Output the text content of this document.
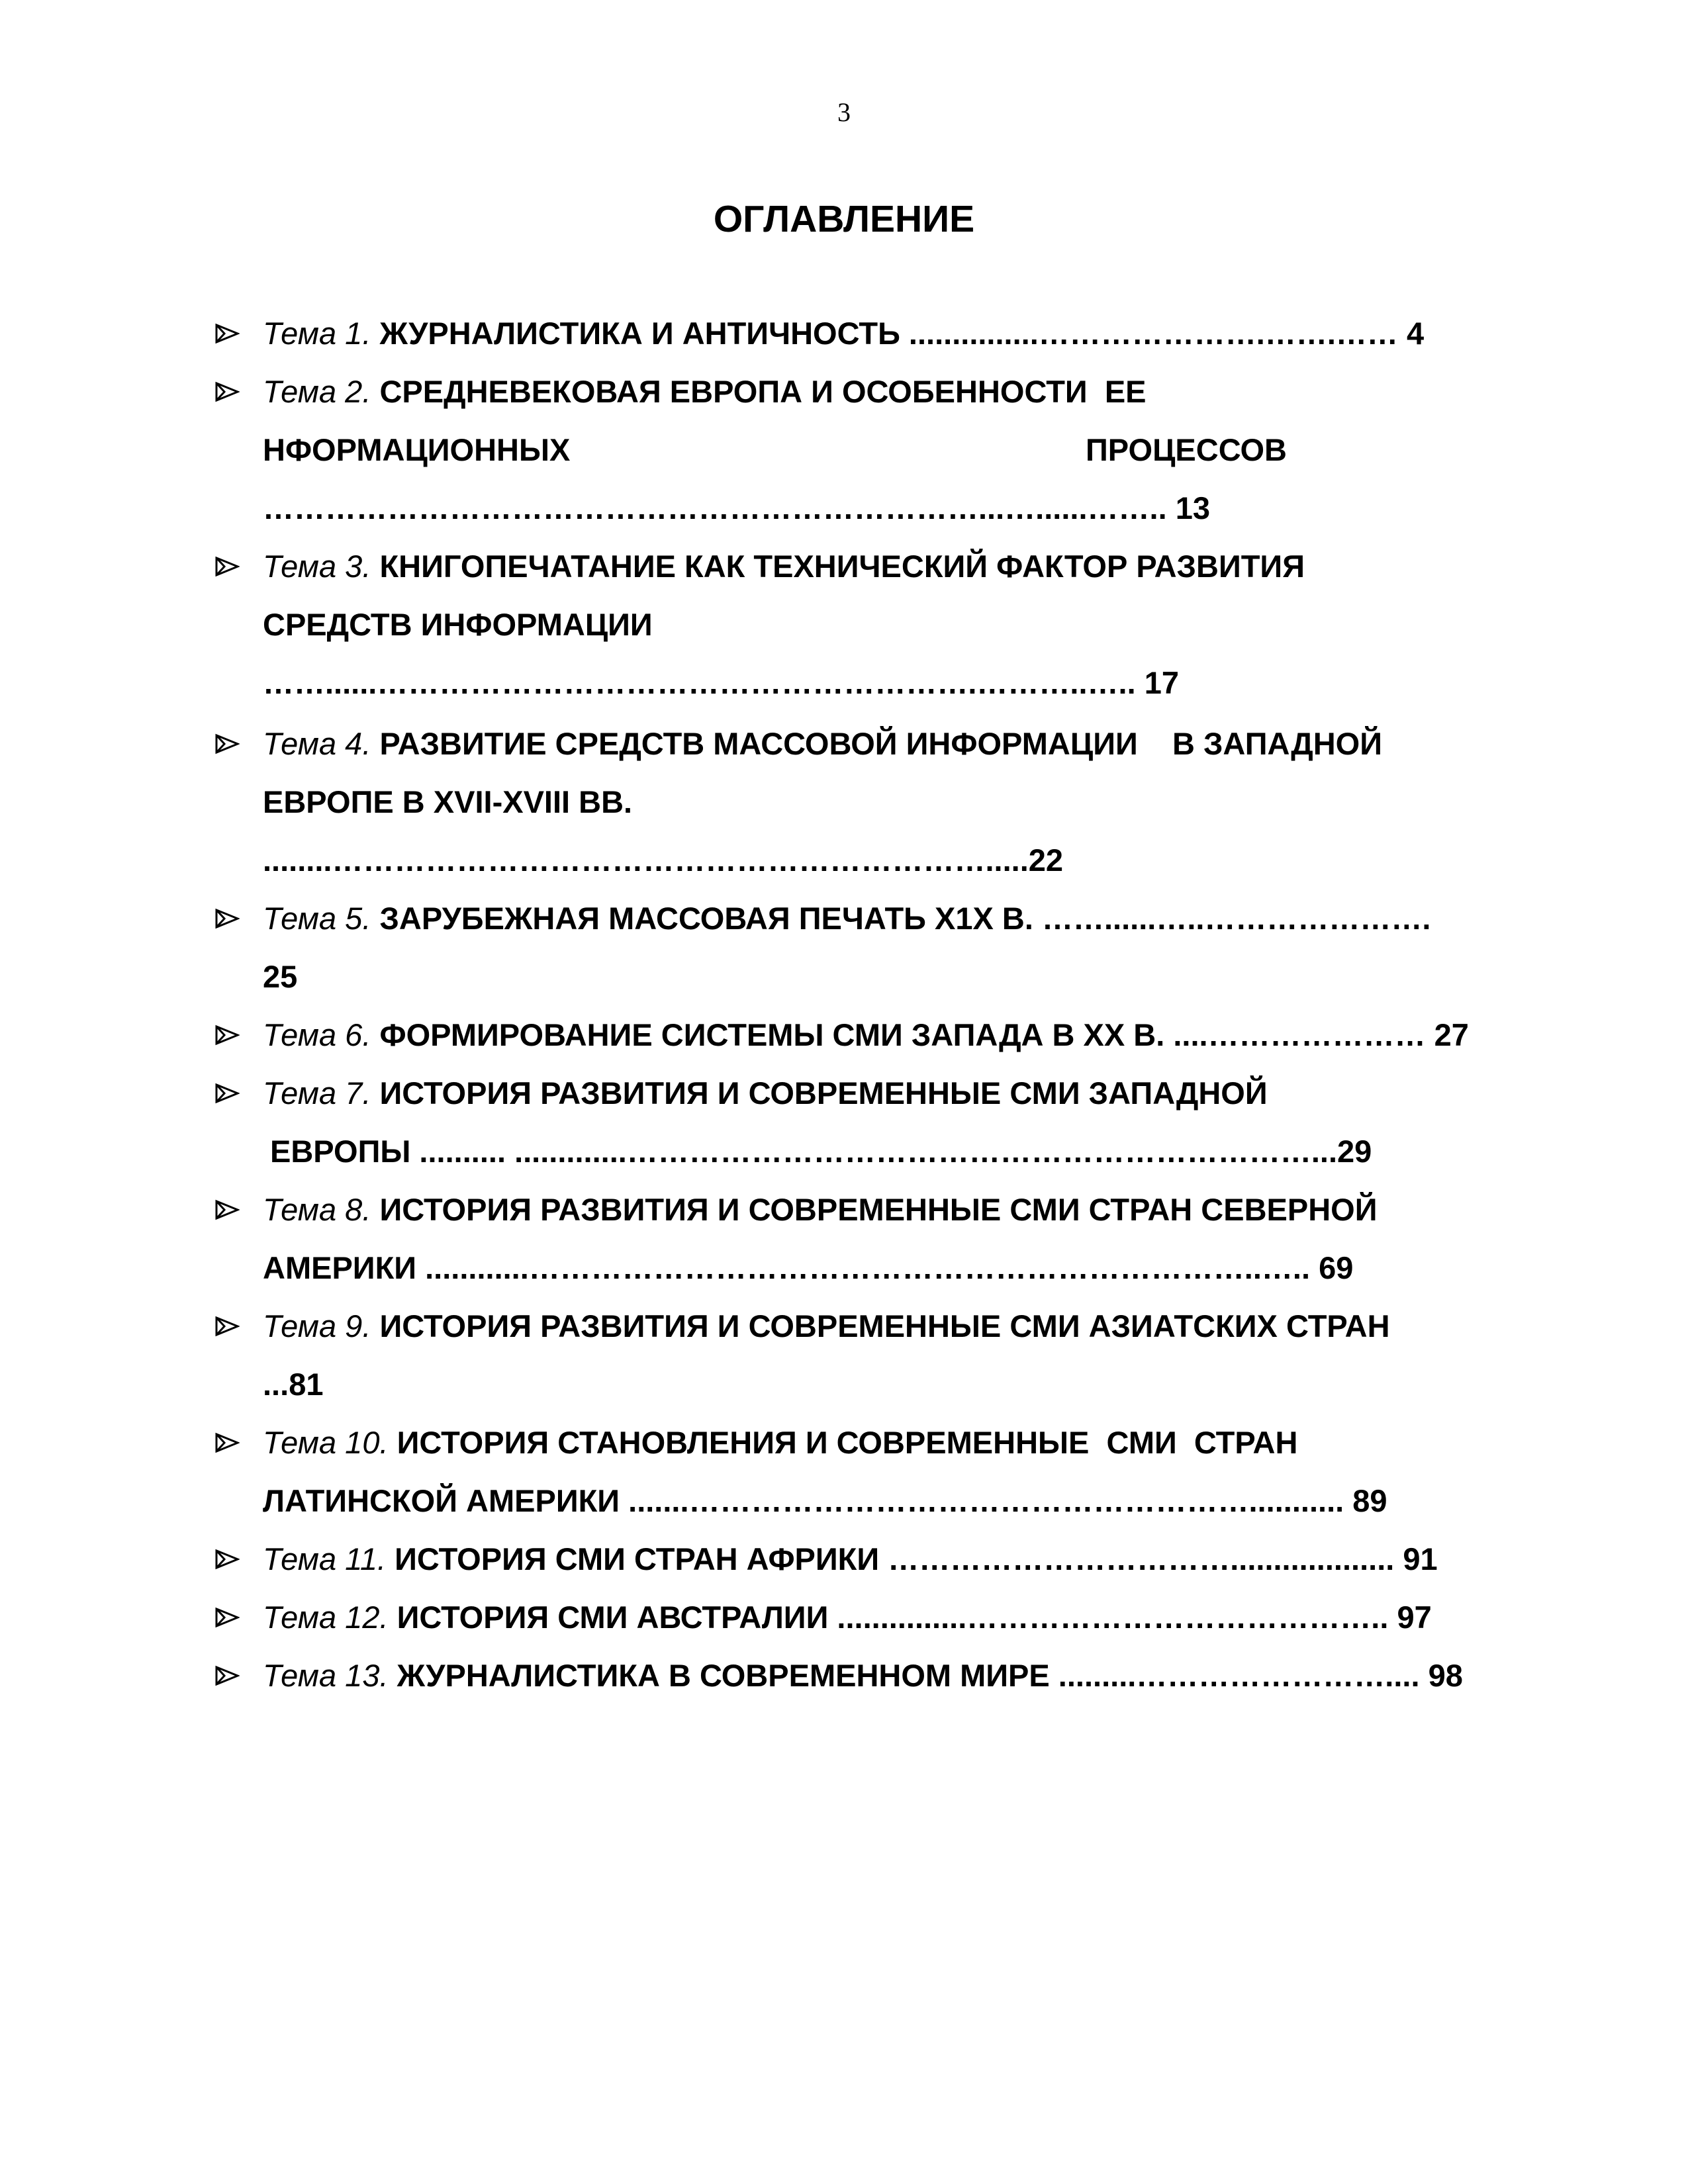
3
ОГЛАВЛЕНИЕ
Тема 1. ЖУРНАЛИСТИКА И АНТИЧНОСТЬ ...............………………….…….…… 4
Тема 2. СРЕДНЕВЕКОВАЯ ЕВРОПА И ОСОБЕННОСТИ  ЕЕ
НФОРМАЦИОННЫХ	ПРОЦЕССОВ
……………………………………………………………...…......…….. 13
Тема 3. КНИГОПЕЧАТАНИЕ КАК ТЕХНИЧЕСКИЙ ФАКТОР РАЗВИТИЯ
СРЕДСТВ ИНФОРМАЦИИ
……......………………………………………………….………..….. 17
Тема 4. РАЗВИТИЕ СРЕДСТВ МАССОВОЙ ИНФОРМАЦИИ    В ЗАПАДНОЙ
ЕВРОПЕ В XVII-XVIII ВВ.
........……………………………………………………….....22
Тема 5. ЗАРУБЕЖНАЯ МАССОВАЯ ПЕЧАТЬ Х1Х В. ……......…..………………….
25
Тема 6. ФОРМИРОВАНИЕ СИСТЕМЫ СМИ ЗАПАДА В ХХ В. ....………………… 27
Тема 7. ИСТОРИЯ РАЗВИТИЯ И СОВРЕМЕННЫЕ СМИ ЗАПАДНОЙ
ЕВРОПЫ .......... .............…………………………………………………………...29
Тема 8. ИСТОРИЯ РАЗВИТИЯ И СОВРЕМЕННЫЕ СМИ СТРАН СЕВЕРНОЙ
АМЕРИКИ ............……………………………………………………………..….. 69
Тема 9. ИСТОРИЯ РАЗВИТИЯ И СОВРЕМЕННЫЕ СМИ АЗИАТСКИХ СТРАН
...81
Тема 10. ИСТОРИЯ СТАНОВЛЕНИЯ И СОВРЕМЕННЫЕ  СМИ  СТРАН
ЛАТИНСКОЙ АМЕРИКИ .......………………………………………………........... 89
Тема 11. ИСТОРИЯ СМИ СТРАН АФРИКИ ……………………………................... 91
Тема 12. ИСТОРИЯ СМИ АВСТРАЛИИ ...............………………………………….. 97
Тема 13. ЖУРНАЛИСТИКА В СОВРЕМЕННОМ МИРЕ .........…………………….... 98
